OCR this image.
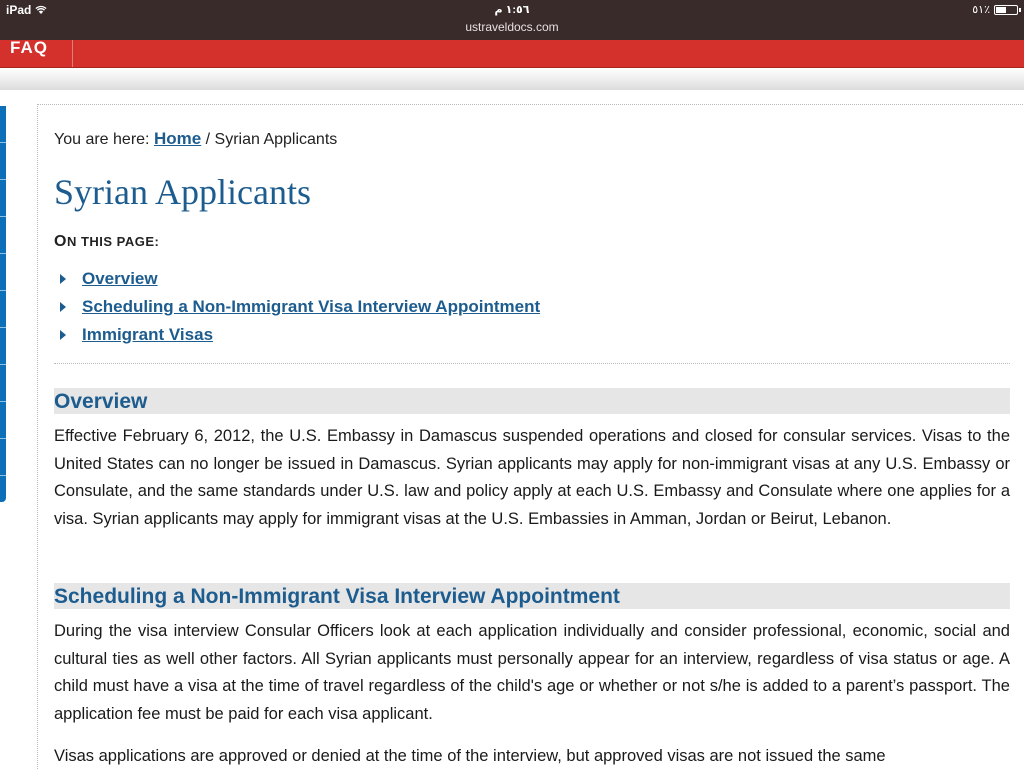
iPad	١:٥٦ م	٥١٪
ustraveldocs.com
FAQ
You are here: Home / Syrian Applicants
Syrian Applicants
ON THIS PAGE:
Overview
Scheduling a Non-Immigrant Visa Interview Appointment
Immigrant Visas
Overview

Effective February 6, 2012, the U.S. Embassy in Damascus suspended operations and closed for consular services. Visas to the United States can no longer be issued in Damascus. Syrian applicants may apply for non-immigrant visas at any U.S. Embassy or Consulate, and the same standards under U.S. law and policy apply at each U.S. Embassy and Consulate where one applies for a visa. Syrian applicants may apply for immigrant visas at the U.S. Embassies in Amman, Jordan or Beirut, Lebanon.

Scheduling a Non-Immigrant Visa Interview Appointment

During the visa interview Consular Officers look at each application individually and consider professional, economic, social and cultural ties as well other factors. All Syrian applicants must personally appear for an interview, regardless of visa status or age. A child must have a visa at the time of travel regardless of the child's age or whether or not s/he is added to a parent’s passport. The application fee must be paid for each visa applicant.

Visas applications are approved or denied at the time of the interview, but approved visas are not issued the same
